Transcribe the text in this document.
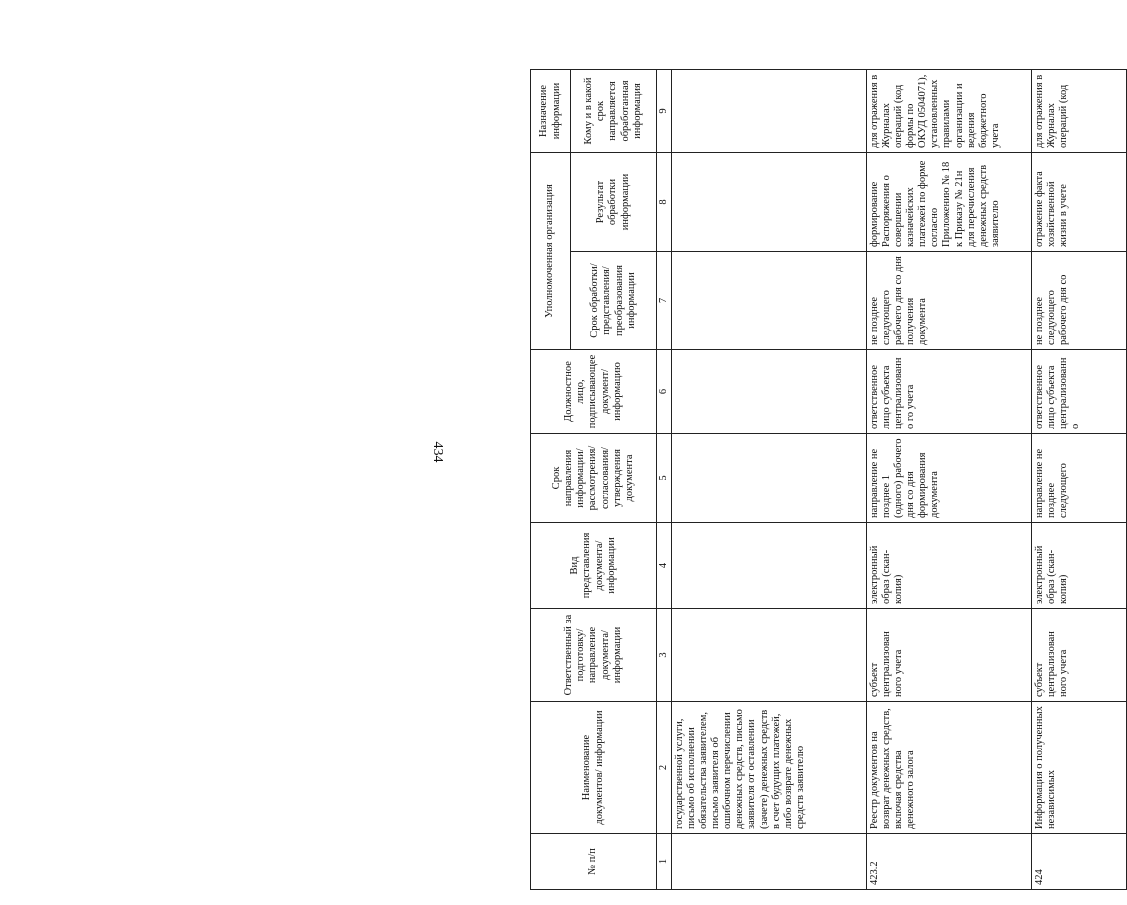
434
№ п/п	Наименование документов/ информации	Ответственный за подготовку/ направление документа/ информации	Вид представления документа/ информации	Срок направления информации/ рассмотрения/ согласования/ утверждения документа	Должностное лицо, подписывающее документ/ информацию	Уполномоченная организация		Назначение информации
						Срок обработки/ представления/ преобразования информации	Результат обработки информации	Кому и в какой срок направляется обработанная информация
1	2	3	4	5	6	7	8	9
	государственной услуги, письмо об исполнении обязательства заявителем, письмо заявителя об ошибочном перечислении денежных средств, письмо заявителя от оставлении (зачете) денежных средств в счет будущих платежей, либо возврате денежных средств заявителю							
423.2	Реестр документов на возврат денежных средств, включая средства денежного залога	субъект централизован ного учета	электронный образ (скан-копия)	направление не позднее 1 (одного) рабочего дня со дня формирования документа	ответственное лицо субъекта централизованно го учета	не позднее следующего рабочего дня со дня получения документа	формирование Распоряжения о совершении казначейских платежей по форме согласно Приложению № 18 к Приказу № 21н для перечисления денежных средств заявителю	для отражения в Журналах операций (код формы по ОКУД 0504071), установленных правилами организации и ведения бюджетного учета
424	Информация о полученных независимых	субъект централизован ного учета	электронный образ (скан-копия)	направление не позднее следующего	ответственное лицо субъекта централизованно	не позднее следующего рабочего дня со	отражение факта хозяйственной жизни в учете	для отражения в Журналах операций (код
